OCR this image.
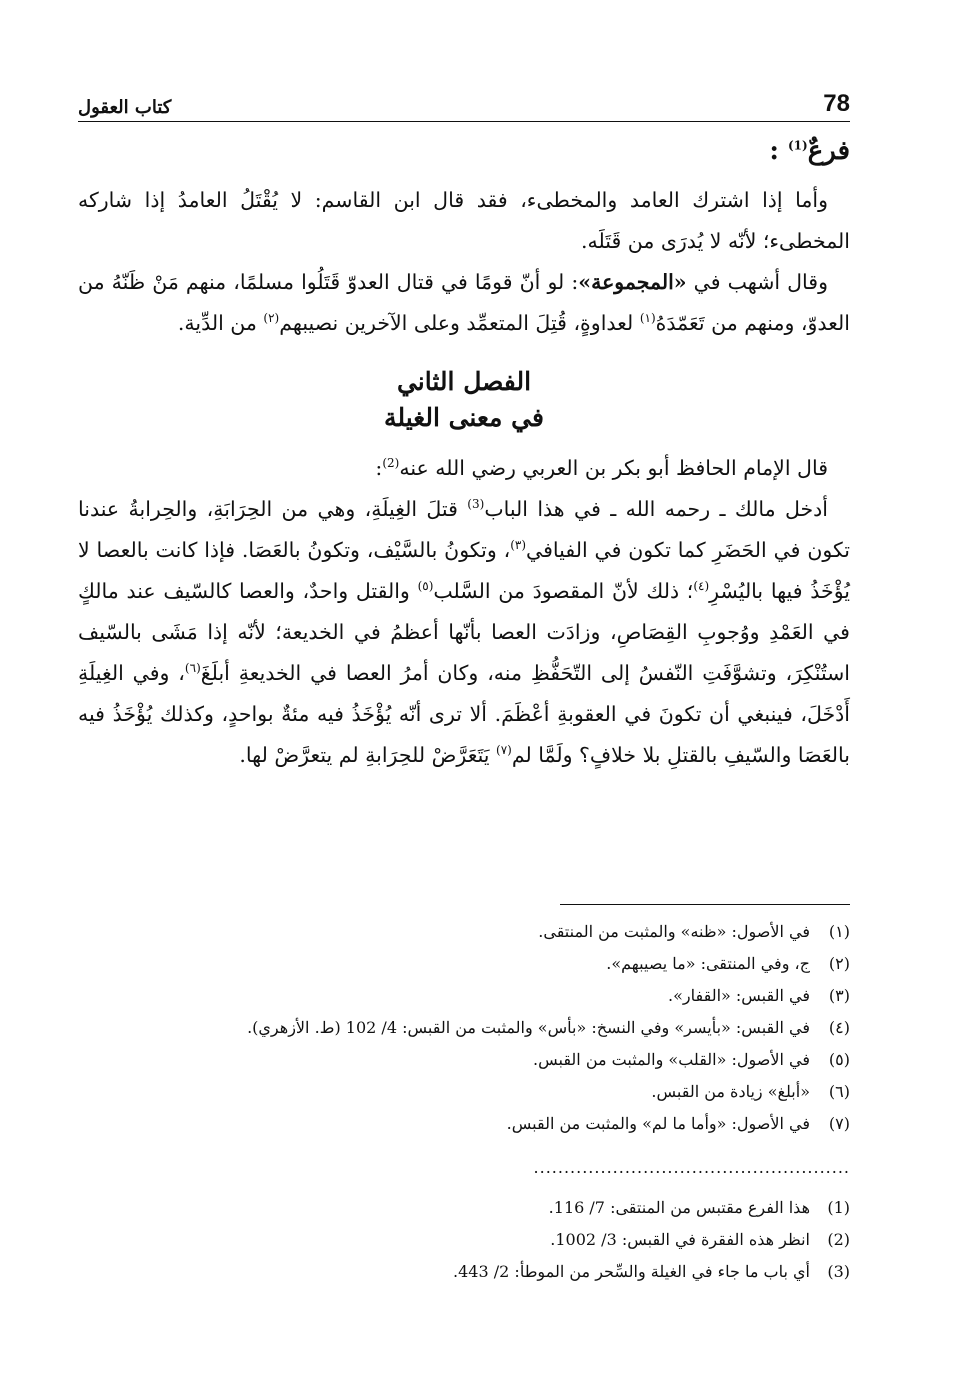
78
كتاب العقول
فرعٌ$^{(1)}$ :

وأما إذا اشترك العامد والمخطىء، فقد قال ابن القاسم: لا يُقْتَلُ العامدُ إذا شاركه المخطىء؛ لأنّه لا يُدرَى من قَتَلَه.

وقال أشهب في «المجموعة»: لو أنّ قومًا في قتال العدوّ قَتَلُوا مسلمًا، منهم مَنْ ظَنّهُ من العدوّ، ومنهم من تَعَمّدَهُ$^{(١)}$ لعداوةٍ، قُتِلَ المتعمِّد وعلى الآخرين نصيبهم$^{(٢)}$ من الدِّية.

الفصل الثاني
في معنى الغيلة

قال الإمام الحافظ أبو بكر بن العربي رضي الله عنه$^{(2)}$:

أدخل مالك ـ رحمه الله ـ في هذا الباب$^{(3)}$ قتلَ الغِيلَةِ، وهي من الحِرَابَةِ، والحِرابةُ عندنا تكون في الحَضَرِ كما تكون في الفيافي$^{(٣)}$، وتكونُ بالسَّيْف، وتكونُ بالعَصَا. فإذا كانت بالعصا لا يُؤْخَذُ فيها باليُسْرِ$^{(٤)}$؛ ذلك لأنّ المقصودَ من السَّلب$^{(٥)}$ والقتل واحدٌ، والعصا كالسّيف عند مالكٍ في العَمْدِ ووُجوبِ القِصَاصِ، وزادَت العصا بأنّها أعظمُ في الخديعة؛ لأنّه إذا مَشَى بالسّيف استُنْكِرَ، وتشوَّفَتِ النّفسُ إلى التّحَفُّظِ منه، وكان أمرُ العصا في الخديعةِ أبلَغَ$^{(٦)}$، وفي الغِيلَةِ أَدْخَلَ، فينبغي أن تكونَ في العقوبةِ أعْظَمَ. ألا ترى أنّه يُؤْخَذُ فيه مئةٌ بواحدٍ، وكذلك يُؤْخَذُ فيه بالعَصَا والسّيفِ بالقتلِ بلا خلافٍ؟ ولَمَّا لم$^{(٧)}$ يَتَعَرَّضْ للحِرَابةِ لم يتعرَّضْ لها.

(١)
في الأصول: «ظنه» والمثبت من المنتقى.
(٢)
ج، وفي المنتقى: «ما يصيبهم».
(٣)
في القبس: «القفار».
(٤)
في القبس: «بأيسر» وفي النسخ: «بأس» والمثبت من القبس: 4/ 102 (ط. الأزهري).
(٥)
في الأصول: «القلب» والمثبت من القبس.
(٦)
«أبلغ» زيادة من القبس.
(٧)
في الأصول: «وأما ما لم» والمثبت من القبس.
....................................................
(1)
هذا الفرع مقتبس من المنتقى: 7/ 116.
(2)
انظر هذه الفقرة في القبس: 3/ 1002.
(3)
أي باب ما جاء في الغيلة والسِّحر من الموطأ: 2/ 443.
